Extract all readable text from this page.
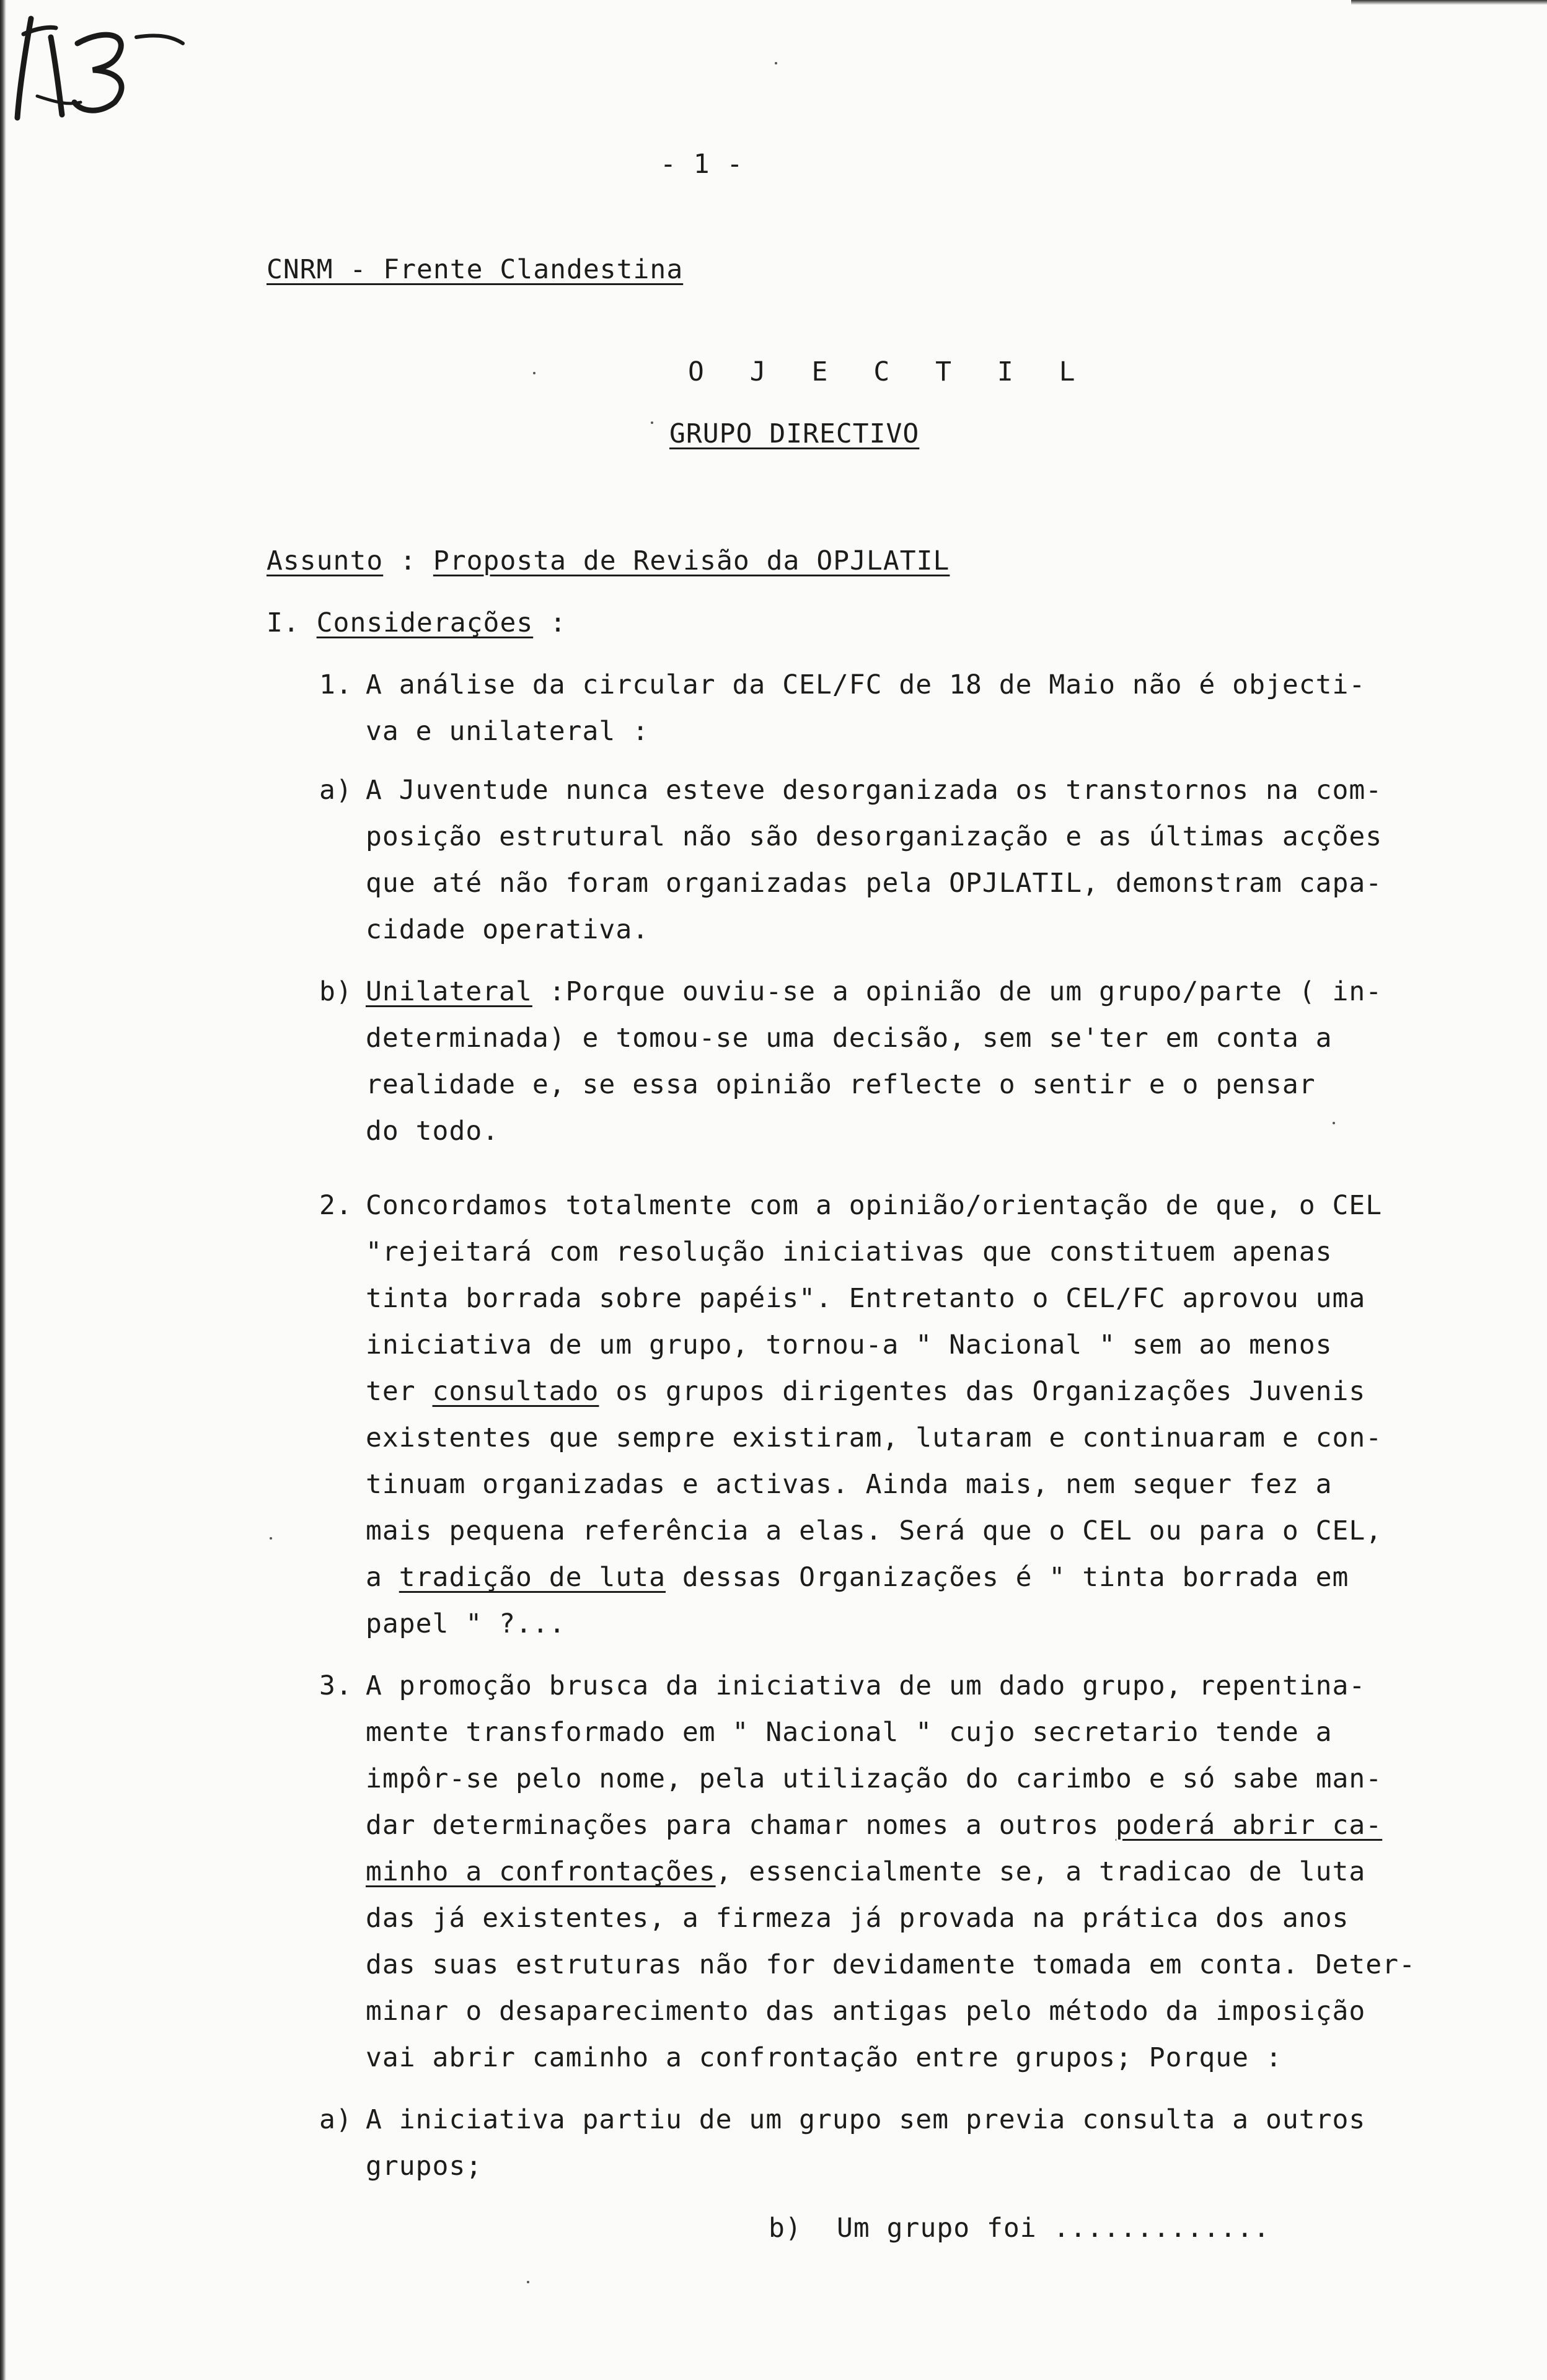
- 1 -
CNRM - Frente Clandestina
O J E C T I L
GRUPO DIRECTIVO
Assunto : Proposta de Revisão da OPJLATIL
I. Considerações :
1. A análise da circular da CEL/FC de 18 de Maio não é objecti-
va e unilateral :
a) A Juventude nunca esteve desorganizada os transtornos na com-
posição estrutural não são desorganização e as últimas acções
que até não foram organizadas pela OPJLATIL, demonstram capa-
cidade operativa.
b) Unilateral :Porque ouviu-se a opinião de um grupo/parte ( in-
determinada) e tomou-se uma decisão, sem se'ter em conta a
realidade e, se essa opinião reflecte o sentir e o pensar
do todo.
2. Concordamos totalmente com a opinião/orientação de que, o CEL
"rejeitará com resolução iniciativas que constituem apenas
tinta borrada sobre papéis". Entretanto o CEL/FC aprovou uma
iniciativa de um grupo, tornou-a " Nacional " sem ao menos
ter consultado os grupos dirigentes das Organizações Juvenis
existentes que sempre existiram, lutaram e continuaram e con-
tinuam organizadas e activas. Ainda mais, nem sequer fez a
mais pequena referência a elas. Será que o CEL ou para o CEL,
a tradição de luta dessas Organizações é " tinta borrada em
papel " ?...
3. A promoção brusca da iniciativa de um dado grupo, repentina-
mente transformado em " Nacional " cujo secretario tende a
impôr-se pelo nome, pela utilização do carimbo e só sabe man-
dar determinações para chamar nomes a outros poderá abrir ca-
minho a confrontações, essencialmente se, a tradicao de luta
das já existentes, a firmeza já provada na prática dos anos
das suas estruturas não for devidamente tomada em conta. Deter-
minar o desaparecimento das antigas pelo método da imposição
vai abrir caminho a confrontação entre grupos; Porque :
a) A iniciativa partiu de um grupo sem previa consulta a outros
grupos;
b) Um grupo foi .............
